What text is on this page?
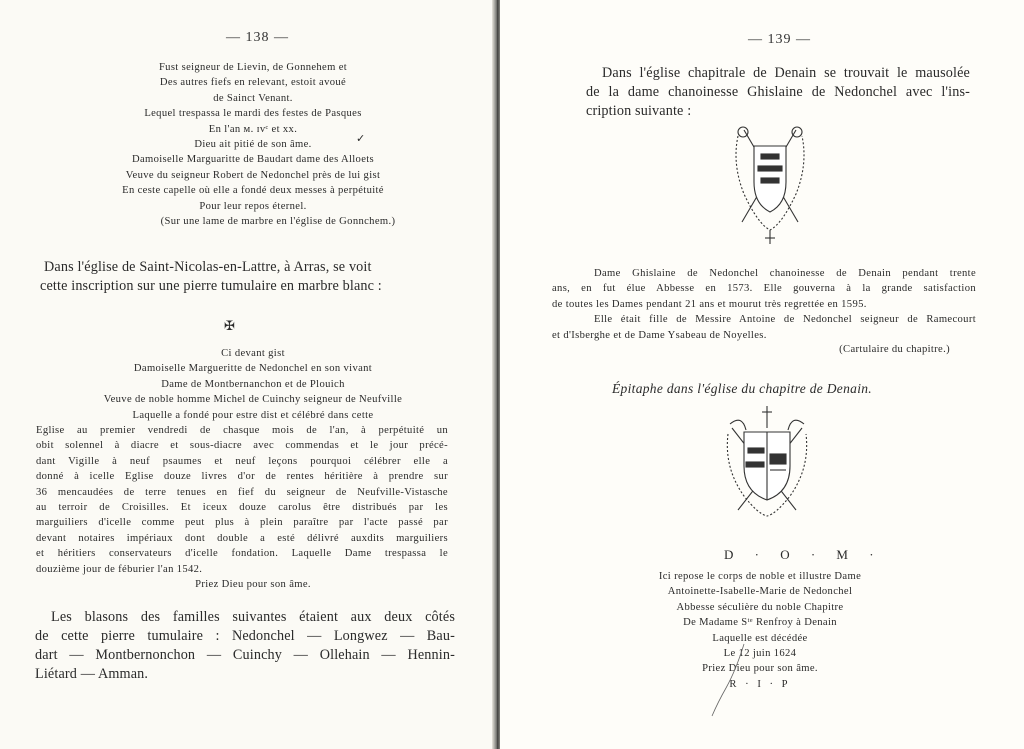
— 138 —
Fust seigneur de Lievin, de Gonnehem et
Des autres fiefs en relevant, estoit avoué
de Sainct Venant.
Lequel trespassa le mardi des festes de Pasques
En l'an ᴍ. ɪᴠᶜ et xx.
Dieu ait pitié de son âme.
Damoiselle Marguaritte de Baudart dame des Alloets
Veuve du seigneur Robert de Nedonchel près de lui gist
En ceste capelle où elle a fondé deux messes à perpétuité
Pour leur repos éternel.
(Sur une lame de marbre en l'église de Gonnchem.)
✓
Dans l'église de Saint-Nicolas-en-Lattre, à Arras, se voit
cette inscription sur une pierre tumulaire en marbre blanc :
✠
Ci devant gist
Damoiselle Margueritte de Nedonchel en son vivant
Dame de Montbernanchon et de Plouich
Veuve de noble homme Michel de Cuinchy seigneur de Neufville
Laquelle a fondé pour estre dist et célébré dans cette
Eglise au premier vendredi de chasque mois de l'an, à perpétuité un
obit solennel à diacre et sous-diacre avec commendas et le jour précé-
dant Vigille à neuf psaumes et neuf leçons pourquoi célébrer elle a
donné à icelle Eglise douze livres d'or de rentes héritière à prendre sur
36 mencaudées de terre tenues en fief du seigneur de Neufville-Vistasche
au terroir de Croisilles. Et iceux douze carolus être distribués par les
marguiliers d'icelle comme peut plus à plein paraître par l'acte passé par
devant notaires impériaux dont double a esté délivré auxdits marguiliers
et héritiers conservateurs d'icelle fondation. Laquelle Dame trespassa le
douzième jour de féburier l'an 1542.
Priez Dieu pour son âme.
Les blasons des familles suivantes étaient aux deux côtés
de cette pierre tumulaire : Nedonchel — Longwez — Bau-
dart — Montbernonchon — Cuinchy — Ollehain — Hennin-
Liétard — Amman.
— 139 —
Dans l'église chapitrale de Denain se trouvait le mausolée
de la dame chanoinesse Ghislaine de Nedonchel avec l'ins-
cription suivante :
Dame Ghislaine de Nedonchel chanoinesse de Denain pendant trente
ans, en fut élue Abbesse en 1573. Elle gouverna à la grande satisfaction
de toutes les Dames pendant 21 ans et mourut très regrettée en 1595.
Elle était fille de Messire Antoine de Nedonchel seigneur de Ramecourt
et d'Isberghe et de Dame Ysabeau de Noyelles.
(Cartulaire du chapitre.)
Épitaphe dans l'église du chapitre de Denain.
D · O · M ·
Ici repose le corps de noble et illustre Dame
Antoinette-Isabelle-Marie de Nedonchel
Abbesse séculière du noble Chapitre
De Madame Sᵗᵉ Renfroy à Denain
Laquelle est décédée
Le 12 juin 1624
Priez Dieu pour son âme.
R · I · P
